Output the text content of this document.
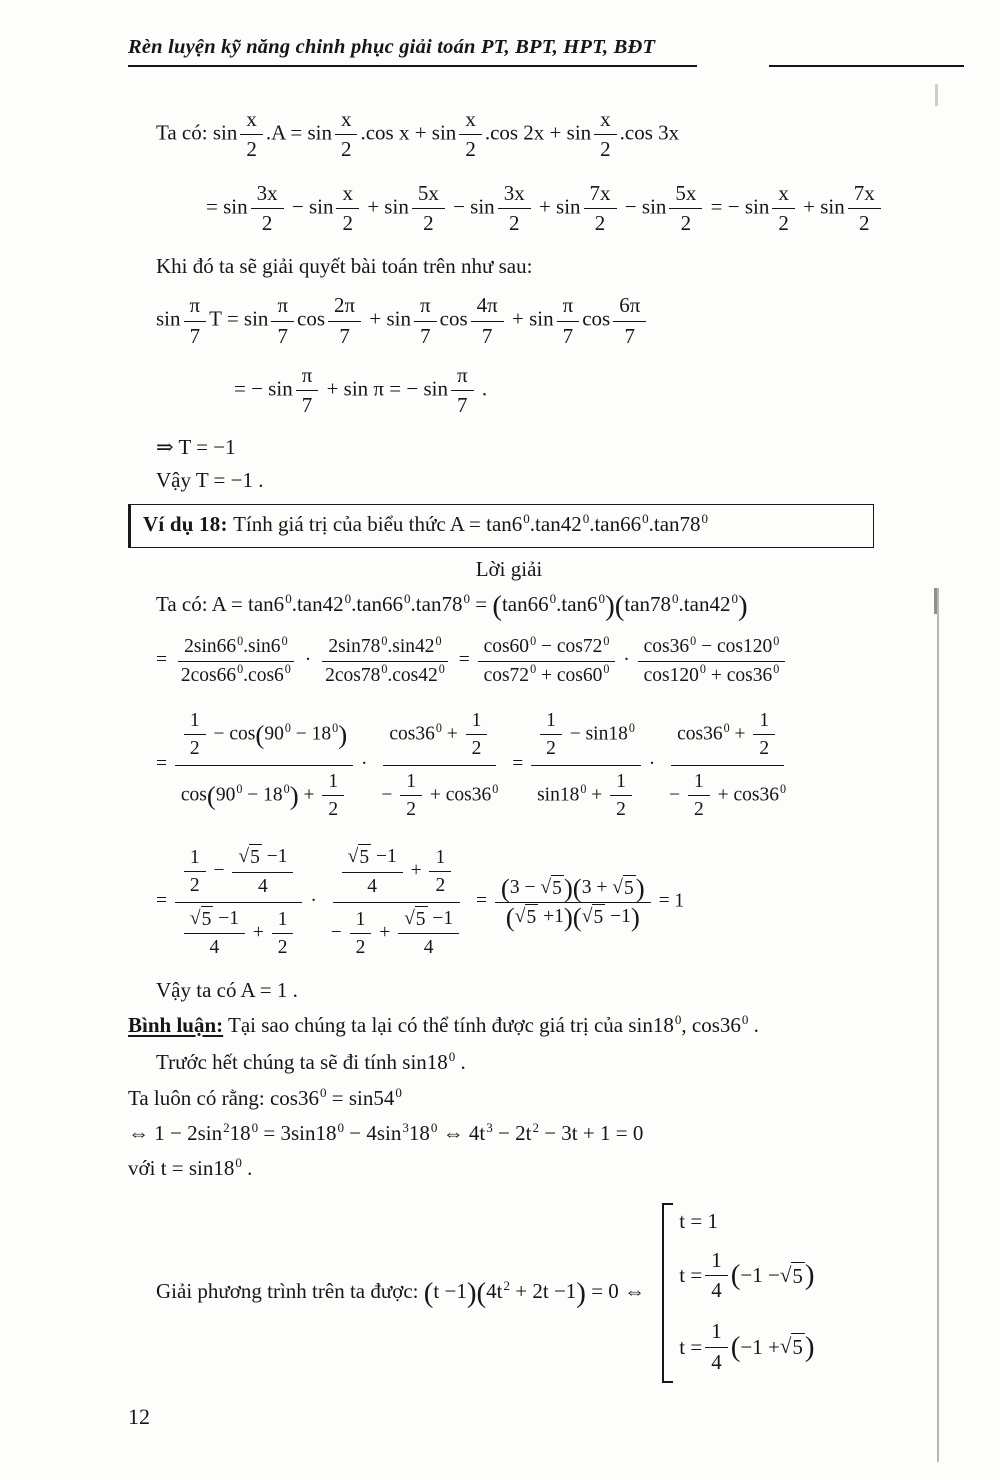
Rèn luyện kỹ năng chinh phục giải toán PT, BPT, HPT, BĐT
Ta có: $\sin \frac{x}{2} .A = \sin \frac{x}{2} .\cos$ $x + \sin \frac{x}{2} .\cos$ $2x + \sin \frac{x}{2} .\cos$ 3x
= $\sin \frac{3x}{2} - \sin \frac{x}{2} + \sin \frac{5x}{2} - \sin \frac{3x}{2} + \sin \frac{7x}{2} - \sin \frac{5x}{2}$ = − $\sin \frac{x}{2} + \sin \frac{7x}{2}$
Khi đó ta sẽ giải quyết bài toán trên như sau:
$\sin \frac{\pi}{7}$ $T = \sin \frac{\pi}{7}$ $\cos \frac{2\pi}{7} + \sin \frac{\pi}{7}$ $\cos \frac{4\pi}{7} + \sin \frac{\pi}{7}$ $\cos \frac{6\pi}{7}$
= − $\sin \frac{\pi}{7} + \sin \pi$ = − $\sin \frac{\pi}{7}$ .
⇒ T = −1
Vậy T = −1 .
Ví dụ 18: Tính giá trị của biểu thức $A = \tan 6^0.\tan 42^0.\tan 66^0.\tan 78^0$
Lời giải
Ta có: $A = \tan 6^0.\tan 42^0.\tan 66^0.\tan 78^0 = (\tan 66^0.\tan 6^0)(\tan 78^0.\tan 42^0)$
= $\frac{2\sin 66^0.\sin 6^0}{2\cos 66^0.\cos 6^0} \cdot \frac{2\sin 78^0.\sin 42^0}{2\cos 78^0.\cos 42^0} = \frac{\cos 60^0 - \cos 72^0}{\cos 72^0 + \cos 60^0} \cdot \frac{\cos 36^0 - \cos 120^0}{\cos 120^0 + \cos 36^0}$
= $\frac{\frac{1}{2} - \cos(90^0 - 18^0)}{\cos(90^0 - 18^0) + \frac{1}{2}} \cdot \frac{\cos 36^0 + \frac{1}{2}}{- \frac{1}{2} + \cos 36^0} = \frac{\frac{1}{2} - \sin 18^0}{\sin 18^0 + \frac{1}{2}} \cdot \frac{\cos 36^0 + \frac{1}{2}}{- \frac{1}{2} + \cos 36^0}$
= $\frac{1}{2}$ − √ $\frac{5 -1}{4}$
√ $\frac{5 -1}{4} + \frac{1}{2}$ · √ $\frac{\frac{5 -1}{4} + \frac{1}{2}}{- \frac{1}{2} + √ \frac{5 -1}{4}} = \frac{(3 - √ 5 )(3 + √ 5 )}{( √ 5 +1)( √ 5 -1)} = 1$
Vậy ta có A = 1 .
Bình luận: Tại sao chúng ta lại có thể tính được giá trị của $\sin 18^0$, $\cos 36^0$ .
Trước hết chúng ta sẽ đi tính $\sin 18^0$ .
Ta luôn có rằng: $\cos 36^0 = \sin 54^0$
⇔ $1 - 2\sin^218^0 = 3\sin 18^0 - 4\sin^318^0$ ⇔ $4t^3 - 2t^2 - 3t + 1 = 0$
với $t = \sin 18^0$ .
Giải phương trình trên ta được: $(t -1)(4t^2 + 2t -1) = 0$ ⇔
t = 1
$t = \frac{1}{4}$ ( −1 − √ 5 )
$t = \frac{1}{4}$ ( −1 + √ 5 )
12
